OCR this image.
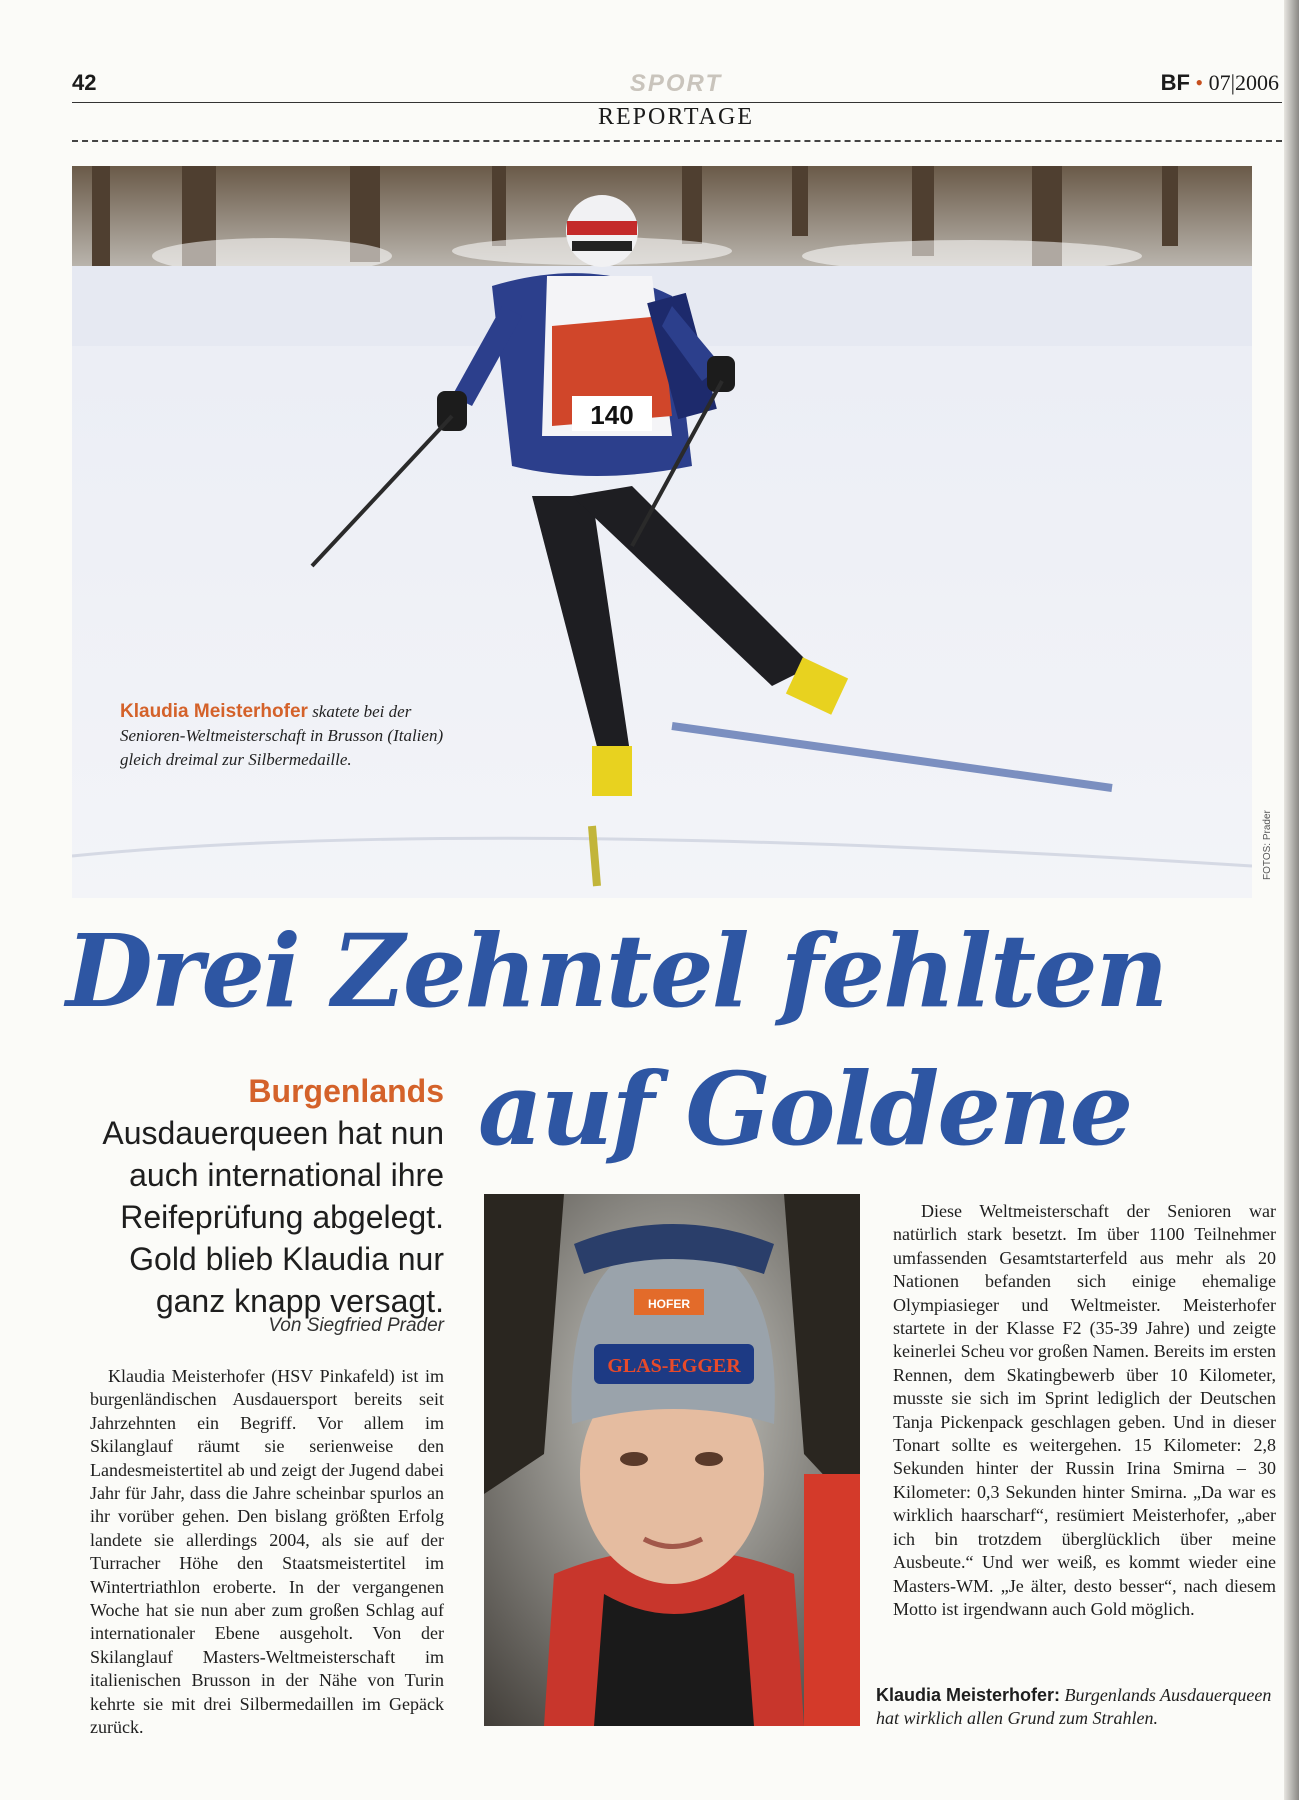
42	SPORT	BF • 07|2006
REPORTAGE
140
Klaudia Meisterhofer skatete bei der Senioren-Weltmeisterschaft in Brusson (Italien) gleich dreimal zur Silbermedaille.
FOTOS: Prader
Drei Zehntel fehlten
auf Goldene
Burgenlands Ausdauerqueen hat nun auch international ihre Reifeprüfung abgelegt. Gold blieb Klaudia nur ganz knapp versagt.
Von Siegfried Prader
Klaudia Meisterhofer (HSV Pinkafeld) ist im burgenländischen Ausdauersport bereits seit Jahrzehnten ein Begriff. Vor allem im Skilanglauf räumt sie serienweise den Landesmeistertitel ab und zeigt der Jugend dabei Jahr für Jahr, dass die Jahre scheinbar spurlos an ihr vorüber gehen. Den bislang größten Erfolg landete sie allerdings 2004, als sie auf der Turracher Höhe den Staatsmeistertitel im Wintertriathlon eroberte. In der vergangenen Woche hat sie nun aber zum großen Schlag auf internationaler Ebene ausgeholt. Von der Skilanglauf Masters-Weltmeisterschaft im italienischen Brusson in der Nähe von Turin kehrte sie mit drei Silbermedaillen im Gepäck zurück.
GLAS-EGGER
HOFER
Diese Weltmeisterschaft der Senioren war natürlich stark besetzt. Im über 1100 Teilnehmer umfassenden Gesamtstarterfeld aus mehr als 20 Nationen befanden sich einige ehemalige Olympiasieger und Weltmeister. Meisterhofer startete in der Klasse F2 (35-39 Jahre) und zeigte keinerlei Scheu vor großen Namen. Bereits im ersten Rennen, dem Skatingbewerb über 10 Kilometer, musste sie sich im Sprint lediglich der Deutschen Tanja Pickenpack geschlagen geben. Und in dieser Tonart sollte es weitergehen. 15 Kilometer: 2,8 Sekunden hinter der Russin Irina Smirna – 30 Kilometer: 0,3 Sekunden hinter Smirna. „Da war es wirklich haarscharf“, resümiert Meisterhofer, „aber ich bin trotzdem überglücklich über meine Ausbeute.“ Und wer weiß, es kommt wieder eine Masters-WM. „Je älter, desto besser“, nach diesem Motto ist irgendwann auch Gold möglich.
Klaudia Meisterhofer: Burgenlands Ausdauerqueen hat wirklich allen Grund zum Strahlen.
